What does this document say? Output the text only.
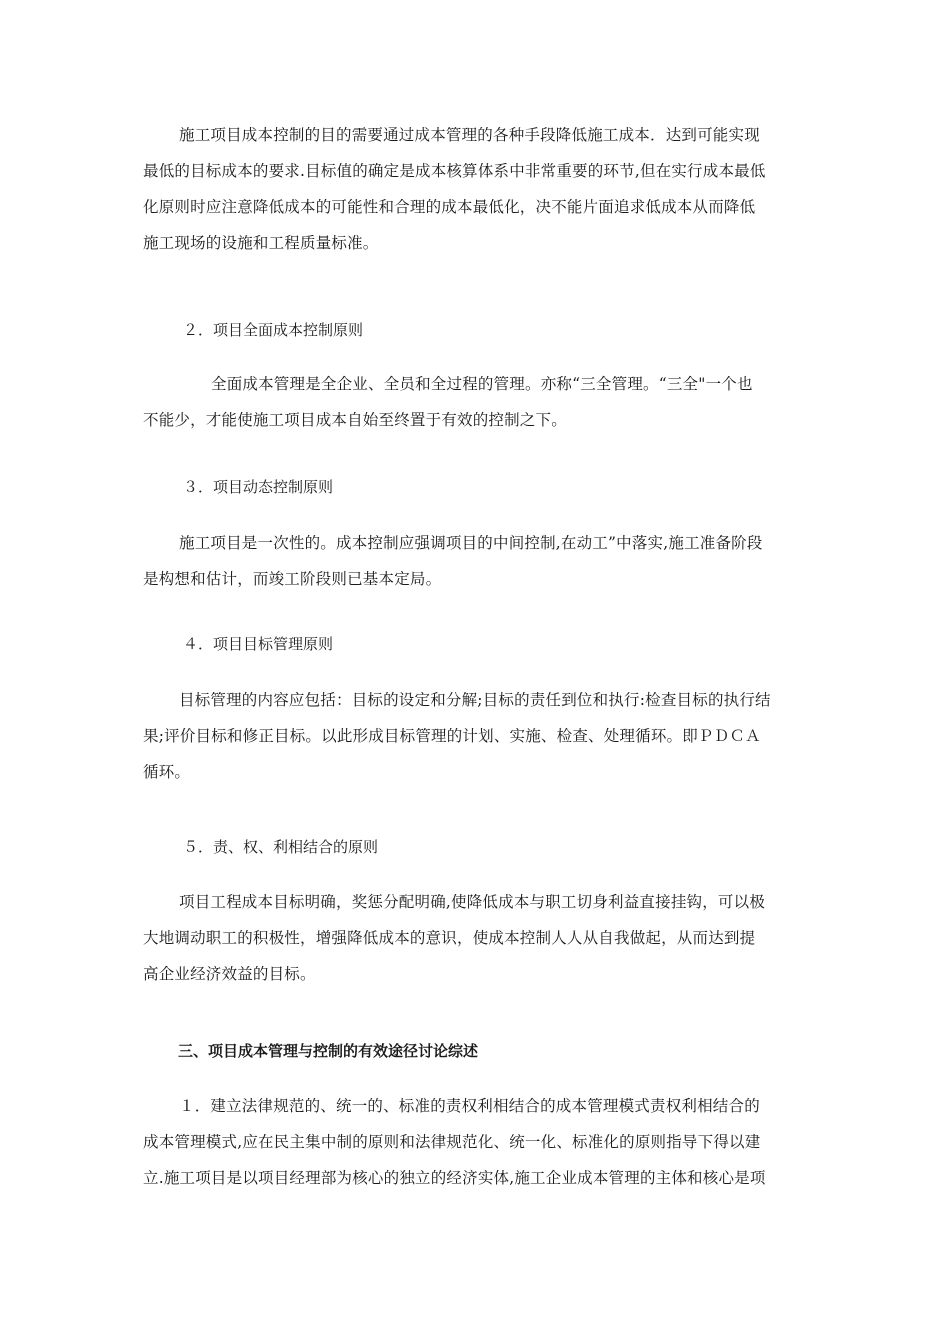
施工项目成本控制的目的需要通过成本管理的各种手段降低施工成本．达到可能实现
最低的目标成本的要求.目标值的确定是成本核算体系中非常重要的环节,但在实行成本最低
化原则时应注意降低成本的可能性和合理的成本最低化，决不能片面追求低成本从而降低
施工现场的设施和工程质量标准。

２．项目全面成本控制原则

全面成本管理是全企业、全员和全过程的管理。亦称“三全管理。“三全"一个也
不能少，才能使施工项目成本自始至终置于有效的控制之下。

３．项目动态控制原则

施工项目是一次性的。成本控制应强调项目的中间控制,在动工”中落实,施工准备阶段
是构想和估计，而竣工阶段则已基本定局。

４．项目目标管理原则

目标管理的内容应包括：目标的设定和分解;目标的责任到位和执行:检查目标的执行结
果;评价目标和修正目标。以此形成目标管理的计划、实施、检查、处理循环。即ＰＤＣＡ
循环。

５．责、权、利相结合的原则

项目工程成本目标明确，奖惩分配明确,使降低成本与职工切身利益直接挂钩，可以极
大地调动职工的积极性，增强降低成本的意识，使成本控制人人从自我做起，从而达到提
高企业经济效益的目标。

三、项目成本管理与控制的有效途径讨论综述

１．建立法律规范的、统一的、标准的责权利相结合的成本管理模式责权利相结合的
成本管理模式,应在民主集中制的原则和法律规范化、统一化、标准化的原则指导下得以建
立.施工项目是以项目经理部为核心的独立的经济实体,施工企业成本管理的主体和核心是项
